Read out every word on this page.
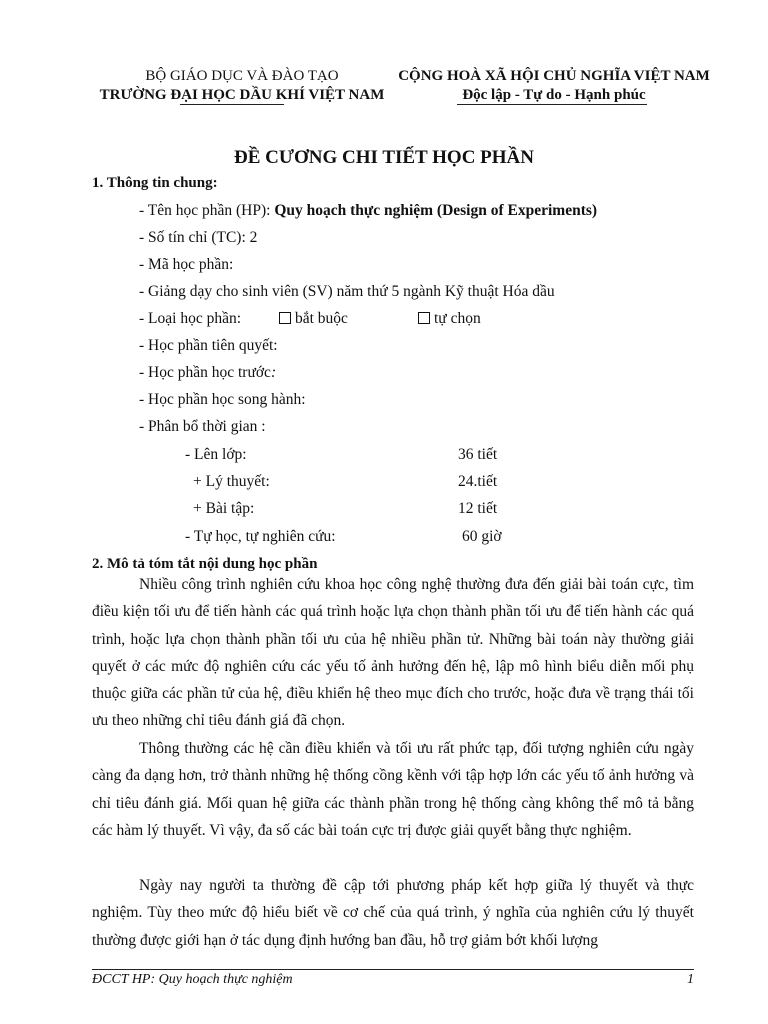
BỘ GIÁO DỤC VÀ ĐÀO TẠO
TRƯỜNG ĐẠI HỌC DẦU KHÍ VIỆT NAM
CỘNG HOÀ XÃ HỘI CHỦ NGHĨA VIỆT NAM
Độc lập - Tự do - Hạnh phúc
ĐỀ CƯƠNG CHI TIẾT HỌC PHẦN
1. Thông tin chung:
- Tên học phần (HP): Quy hoạch thực nghiệm (Design of Experiments)
- Số tín chỉ (TC): 2
- Mã học phần:
- Giảng dạy cho sinh viên (SV) năm thứ 5 ngành Kỹ thuật Hóa dầu
- Loại học phần:	bắt buộc	tự chọn
- Học phần tiên quyết:
- Học phần học trước:
- Học phần học song hành:
- Phân bổ thời gian :
- Lên lớp:	36 tiết
+ Lý thuyết:	24.tiết
+ Bài tập:	12 tiết
- Tự học, tự nghiên cứu:	60 giờ
2. Mô tả tóm tắt nội dung học phần
Nhiều công trình nghiên cứu khoa học công nghệ thường đưa đến giải bài toán cực, tìm điều kiện tối ưu để tiến hành các quá trình hoặc lựa chọn thành phần tối ưu để tiến hành các quá trình, hoặc lựa chọn thành phần tối ưu của hệ nhiều phần tử. Những bài toán này thường giải quyết ở các mức độ nghiên cứu các yếu tố ảnh hưởng đến hệ, lập mô hình biểu diễn mối phụ thuộc giữa các phần tử của hệ, điều khiển hệ theo mục đích cho trước, hoặc đưa về trạng thái tối ưu theo những chỉ tiêu đánh giá đã chọn.
Thông thường các hệ cần điều khiển và tối ưu rất phức tạp, đối tượng nghiên cứu ngày càng đa dạng hơn, trở thành những hệ thống cồng kềnh với tập hợp lớn các yếu tố ảnh hưởng và chỉ tiêu đánh giá. Mối quan hệ giữa các thành phần trong hệ thống càng không thể mô tả bằng các hàm lý thuyết. Vì vậy, đa số các bài toán cực trị được giải quyết bằng thực nghiệm.
Ngày nay người ta thường đề cập tới phương pháp kết hợp giữa lý thuyết và thực nghiệm. Tùy theo mức độ hiểu biết về cơ chế của quá trình, ý nghĩa của nghiên cứu lý thuyết thường được giới hạn ở tác dụng định hướng ban đầu, hỗ trợ giảm bớt khối lượng
ĐCCT HP: Quy hoạch thực nghiệm	1
